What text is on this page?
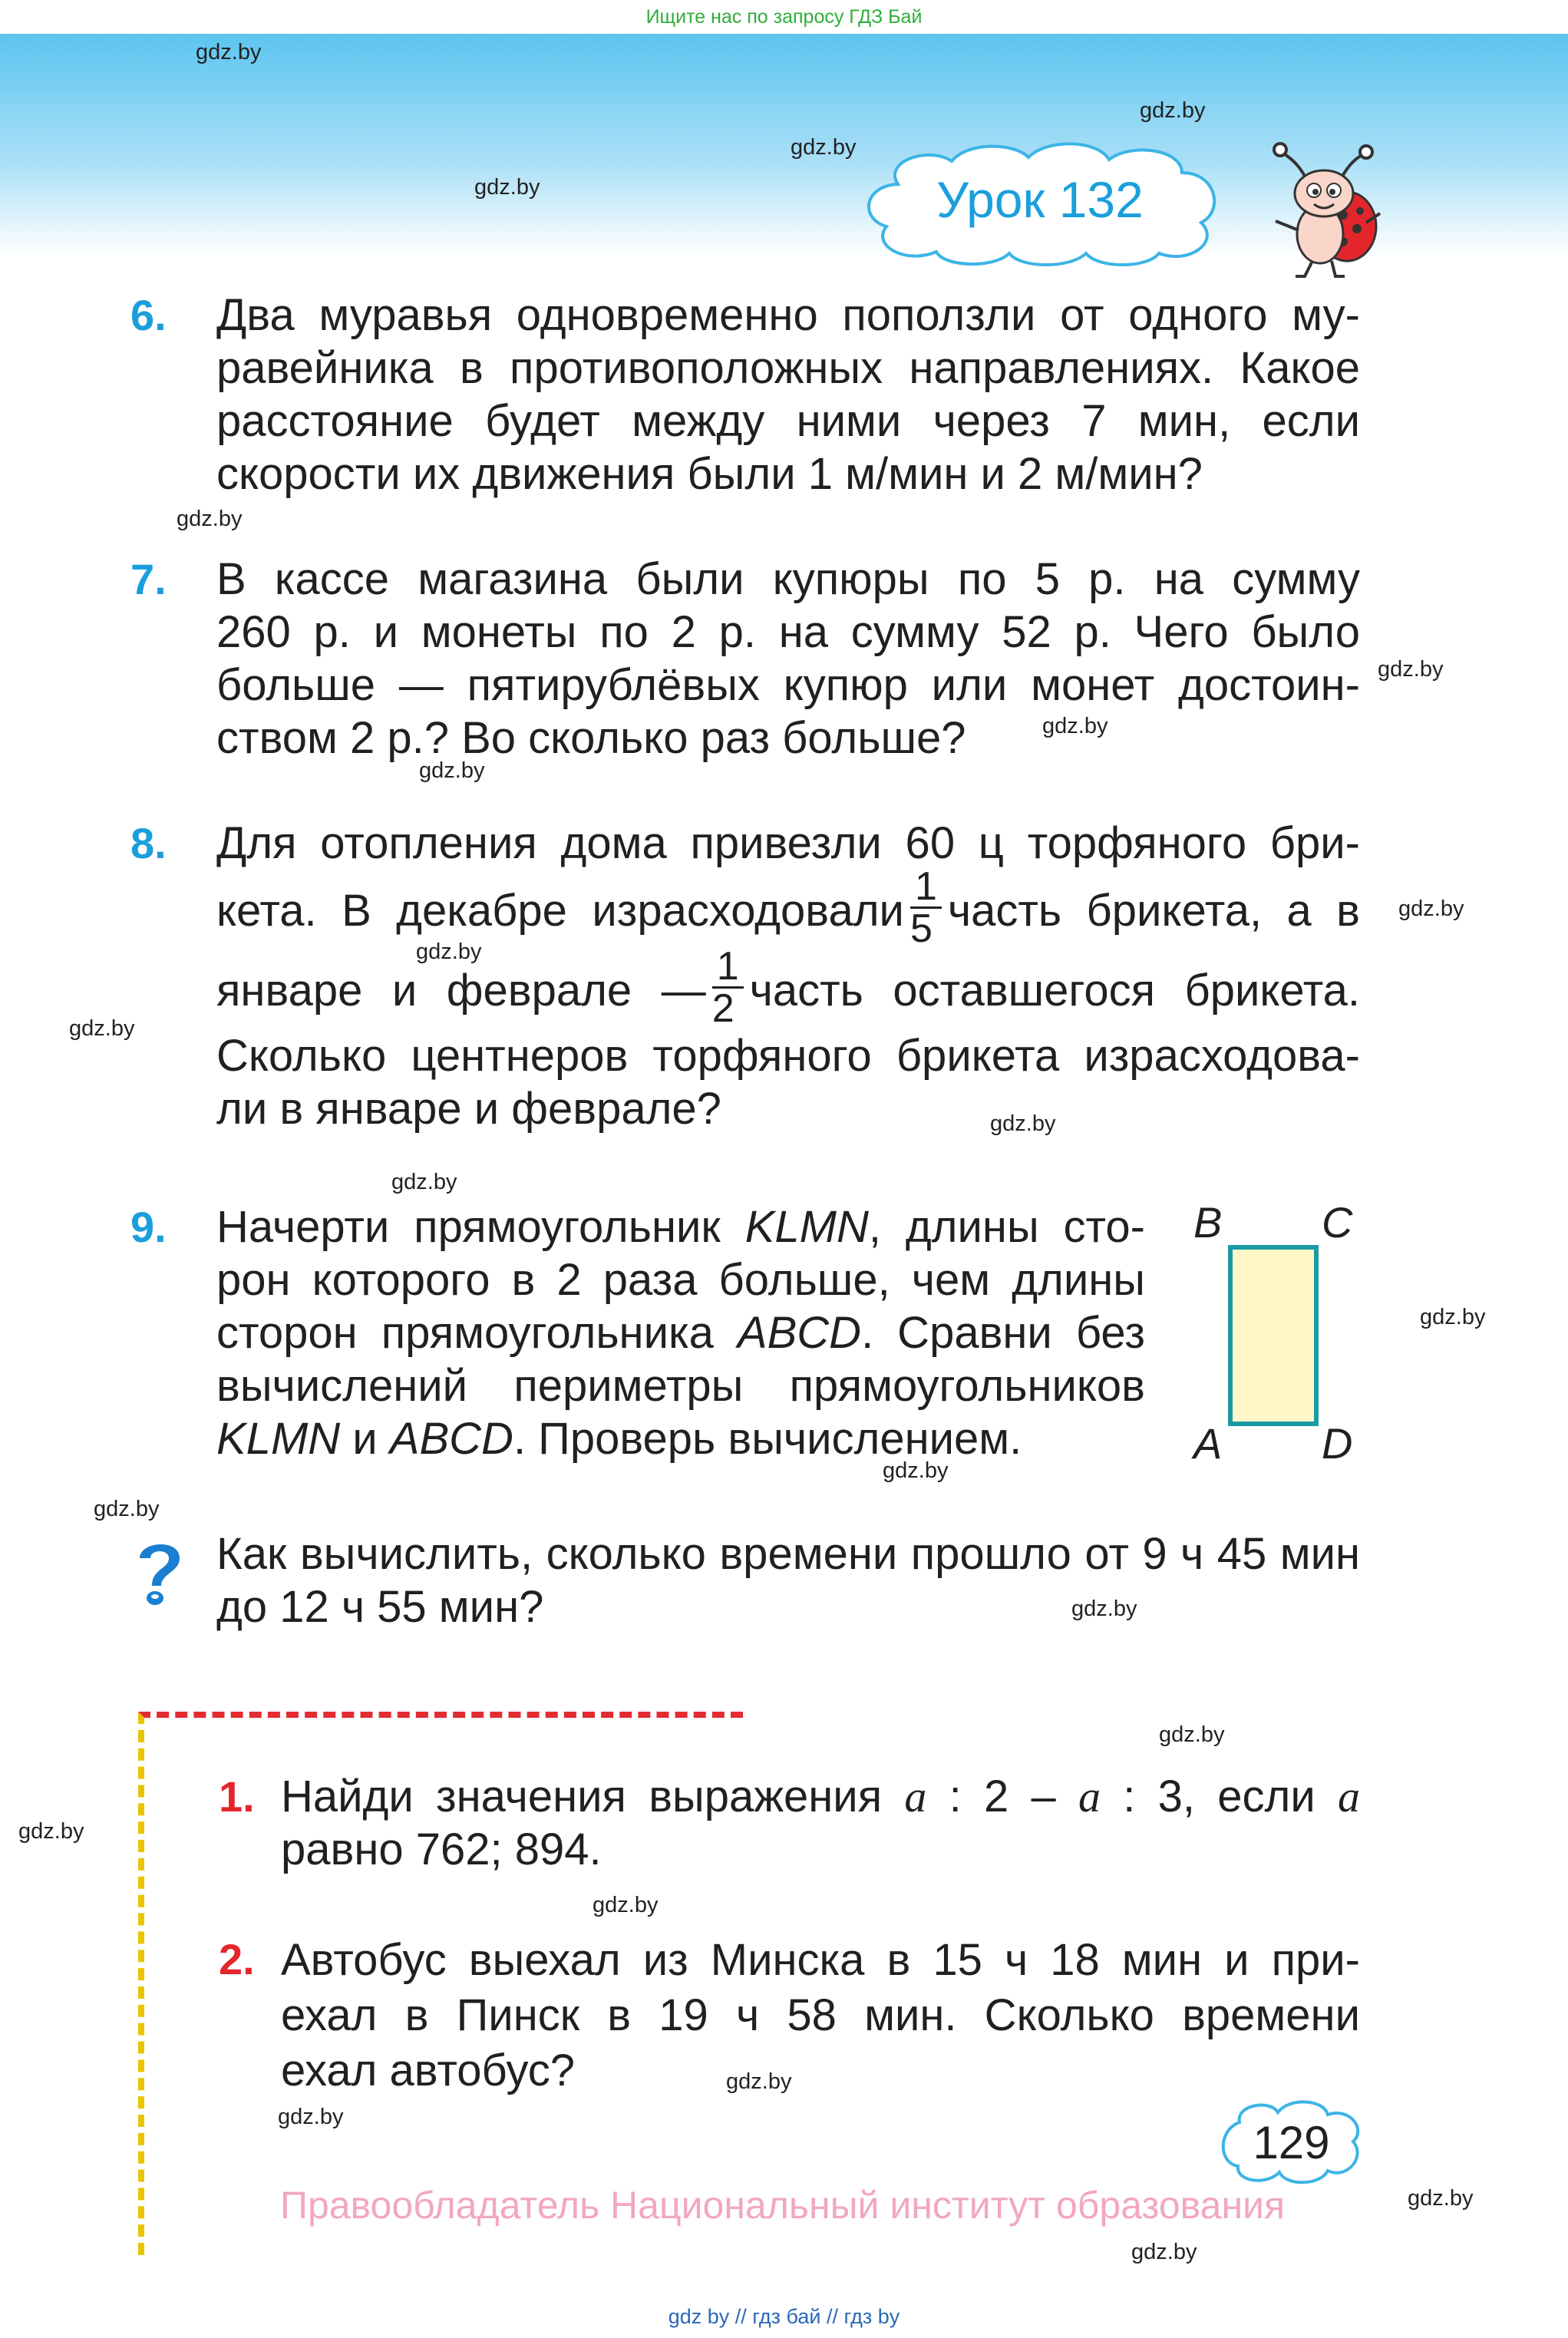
Ищите нас по запросу ГДЗ Бай
gdz.by
gdz.by
gdz.by
gdz.by
gdz.by
gdz.by
gdz.by
gdz.by
gdz.by
gdz.by
gdz.by
gdz.by
gdz.by
gdz.by
gdz.by
gdz.by
gdz.by
gdz.by
gdz.by
gdz.by
gdz.by
gdz.by
gdz.by
gdz.by
Урок 132
6. Два муравья одновременно поползли от одного му-
равейника в противоположных направлениях. Какое
расстояние будет между ними через 7 мин, если
скорости их движения были 1 м/мин и 2 м/мин?
7. В кассе магазина были купюры по 5 р. на сумму
260 р. и монеты по 2 р. на сумму 52 р. Чего было
больше — пятирублёвых купюр или монет достоин-
ством 2 р.? Во сколько раз больше?
8. Для отопления дома привезли 60 ц торфяного бри-
кета. В декабре израсходовали $\frac{1}{5}$ часть брикета, а в
январе и феврале — $\frac{1}{2}$ часть оставшегося брикета.
Сколько центнеров торфяного брикета израсходова-
ли в январе и феврале?
9. Начерти прямоугольник KLMN, длины сто-
рон которого в 2 раза больше, чем длины
сторон прямоугольника ABCD. Сравни без
вычислений периметры прямоугольников
KLMN и ABCD. Проверь вычислением.
B C
A D
Как вычислить, сколько времени прошло от 9 ч 45 мин
до 12 ч 55 мин?
1. Найди значения выражения a : 2 – a : 3, если a
равно 762; 894.
2. Автобус выехал из Минска в 15 ч 18 мин и при-
ехал в Пинск в 19 ч 58 мин. Сколько времени
ехал автобус?
129
Правообладатель Национальный институт образования
gdz by // гдз бай // гдз by
